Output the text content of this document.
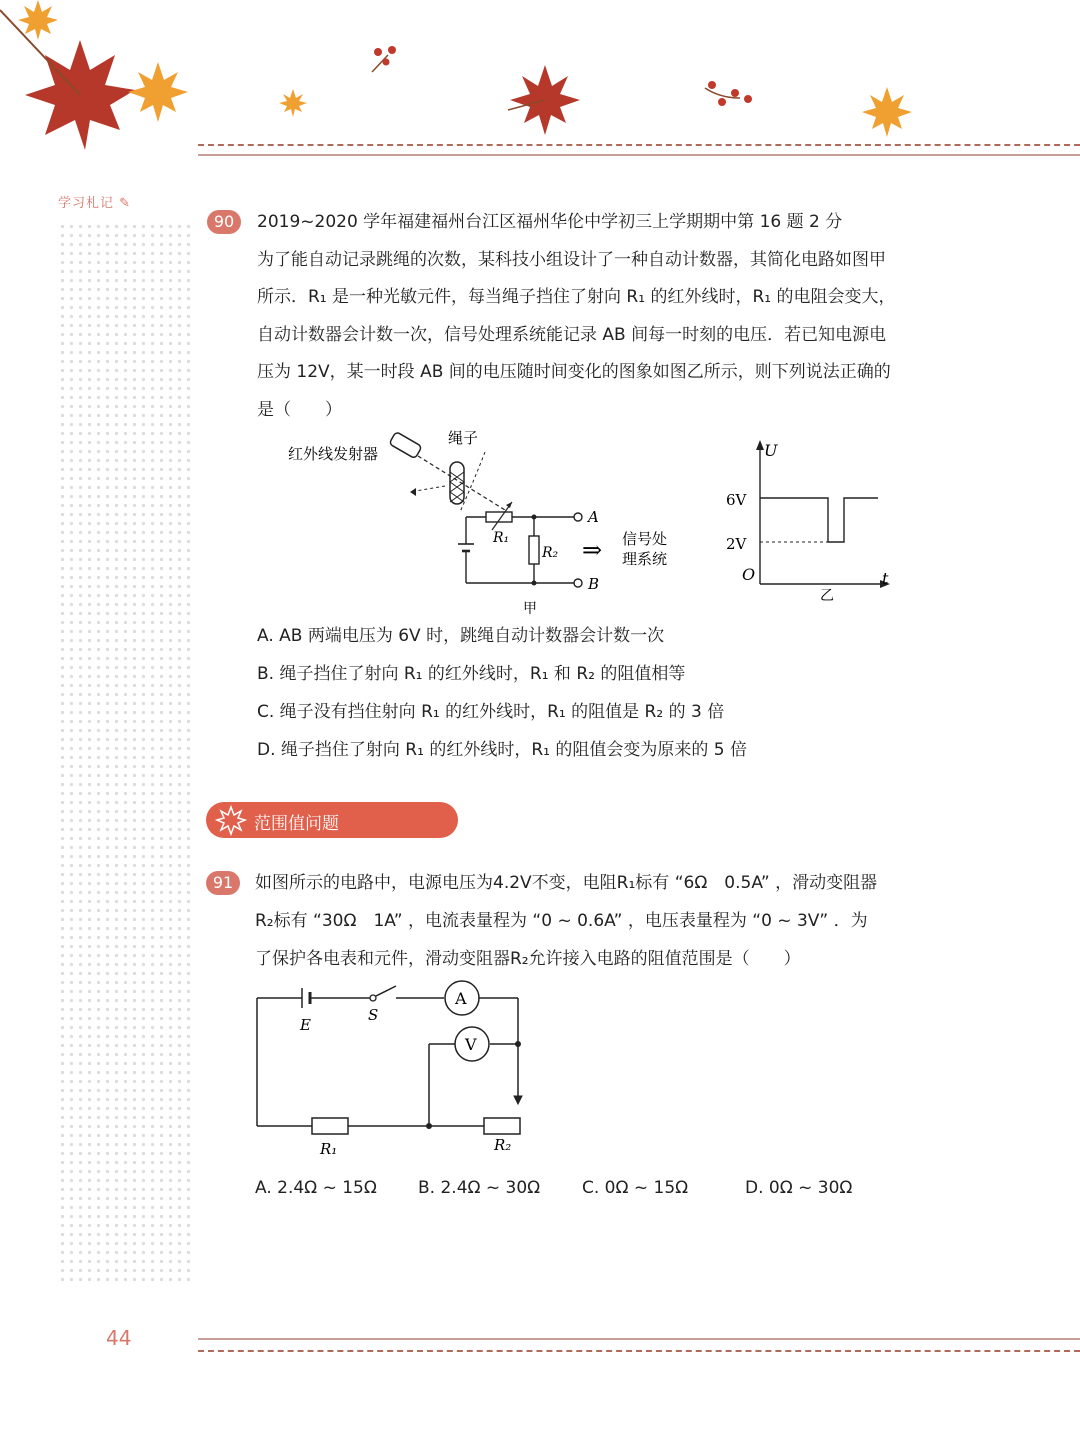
学习札记 ✎
90	2019~2020 学年福建福州台江区福州华伦中学初三上学期期中第 16 题 2 分
为了能自动记录跳绳的次数，某科技小组设计了一种自动计数器，其简化电路如图甲
所示．R₁ 是一种光敏元件，每当绳子挡住了射向 R₁ 的红外线时，R₁ 的电阻会变大，
自动计数器会计数一次，信号处理系统能记录 AB 间每一时刻的电压．若已知电源电
压为 12V，某一时段 AB 间的电压随时间变化的图象如图乙所示，则下列说法正确的
是（　　）
红外线发射器
绳子
R₁
A
B
R₂ ⇒ 信号处
理系统
甲
U
t
O
6V
2V
乙
A. AB 两端电压为 6V 时，跳绳自动计数器会计数一次
B. 绳子挡住了射向 R₁ 的红外线时，R₁ 和 R₂ 的阻值相等
C. 绳子没有挡住射向 R₁ 的红外线时，R₁ 的阻值是 R₂ 的 3 倍
D. 绳子挡住了射向 R₁ 的红外线时，R₁ 的阻值会变为原来的 5 倍
范围值问题
91	如图所示的电路中，电源电压为4.2V不变，电阻R₁标有 “6Ω　0.5A” ，滑动变阻器
R₂标有 “30Ω　1A” ，电流表量程为 “0 ~ 0.6A” ，电压表量程为 “0 ~ 3V” ．为
了保护各电表和元件，滑动变阻器R₂允许接入电路的阻值范围是（　　）
E
S
A
V
R₁	R₂
A. 2.4Ω ~ 15Ω B. 2.4Ω ~ 30Ω C. 0Ω ~ 15Ω	D. 0Ω ~ 30Ω
44
